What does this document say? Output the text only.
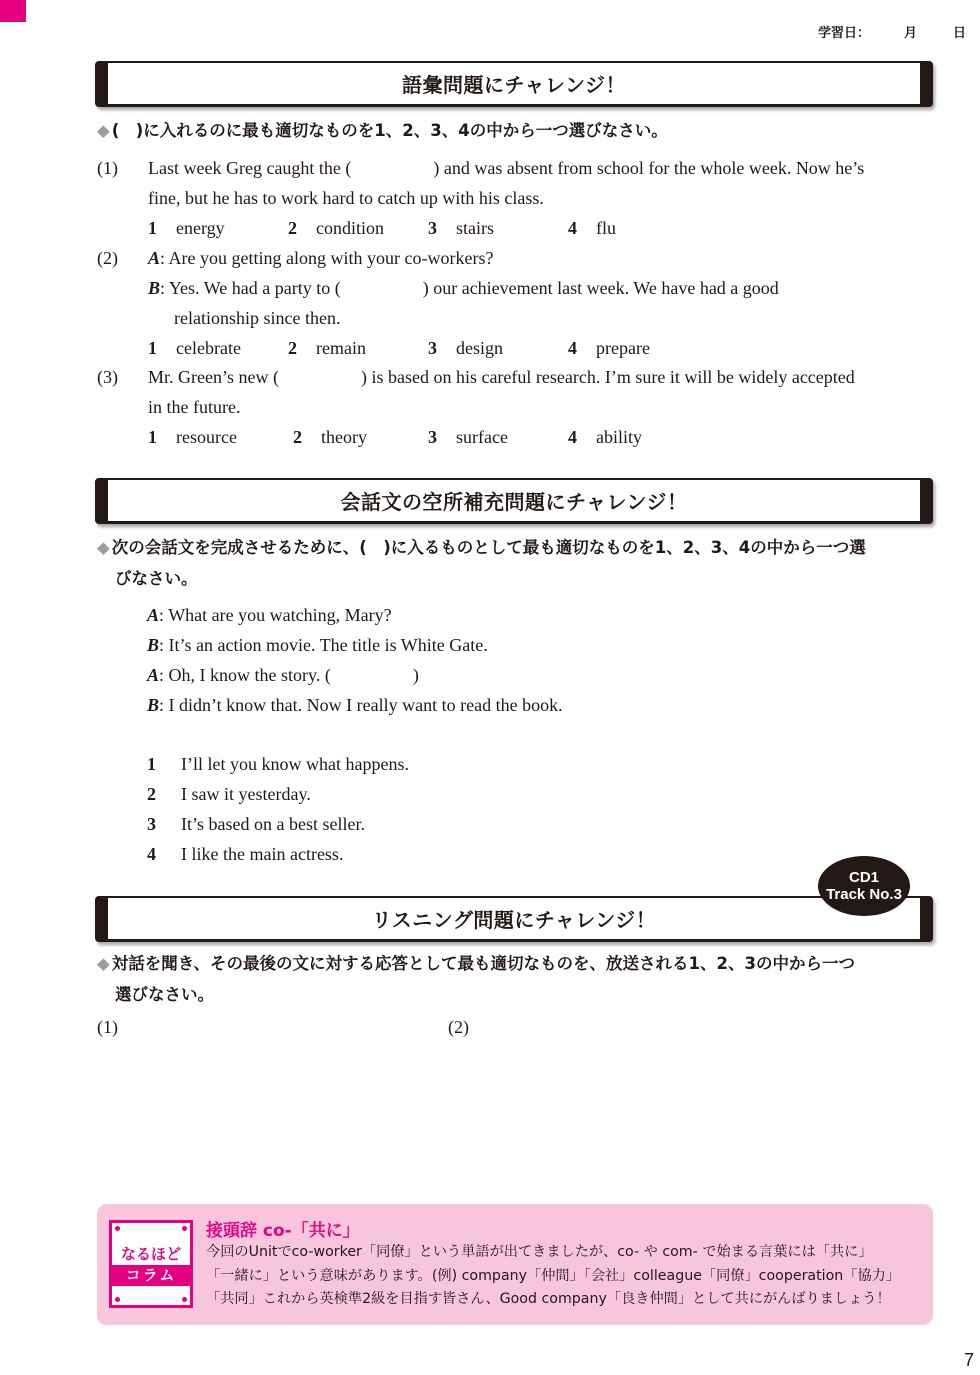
学習日：	月	日
語彙問題にチャレンジ！
◆ (　)に入れるのに最も適切なものを1、2、3、4の中から一つ選びなさい。
(1)	Last week Greg caught the (	) and was absent from school for the whole week. Now he’s
fine, but he has to work hard to catch up with his class.
1	energy	2	condition 3	stairs	4	flu
(2)	A: Are you getting along with your co-workers?
B: Yes. We had a party to (	) our achievement last week. We have had a good

relationship since then.
1	celebrate	2	remain	3	design	4	prepare
(3)	Mr. Green’s new (	) is based on his careful research. I’m sure it will be widely accepted
in the future.
1	resource	2	theory	3	surface	4	ability
会話文の空所補充問題にチャレンジ！
◆ 次の会話文を完成させるために、(　)に入るものとして最も適切なものを1、2、3、4の中から一つ選
びなさい。
A: What are you watching, Mary?
B: It’s an action movie. The title is White Gate.
A: Oh, I know the story. (	)
B: I didn’t know that. Now I really want to read the book.
1	I’ll let you know what happens.
2	I saw it yesterday.
3	It’s based on a best seller.
4	I like the main actress.
リスニング問題にチャレンジ！
CD1
Track No.3
◆ 対話を聞き、その最後の文に対する応答として最も適切なものを、放送される1、2、3の中から一つ
選びなさい。
(1)	(2)
なるほど
コラム
接頭辞 co-「共に」
今回のUnitでco-worker「同僚」という単語が出てきましたが、co- や com- で始まる言葉には「共に」
「一緒に」という意味があります。(例) company「仲間」「会社」colleague「同僚」cooperation「協力」
「共同」これから英検準2級を目指す皆さん、Good company「良き仲間」として共にがんばりましょう！
7
